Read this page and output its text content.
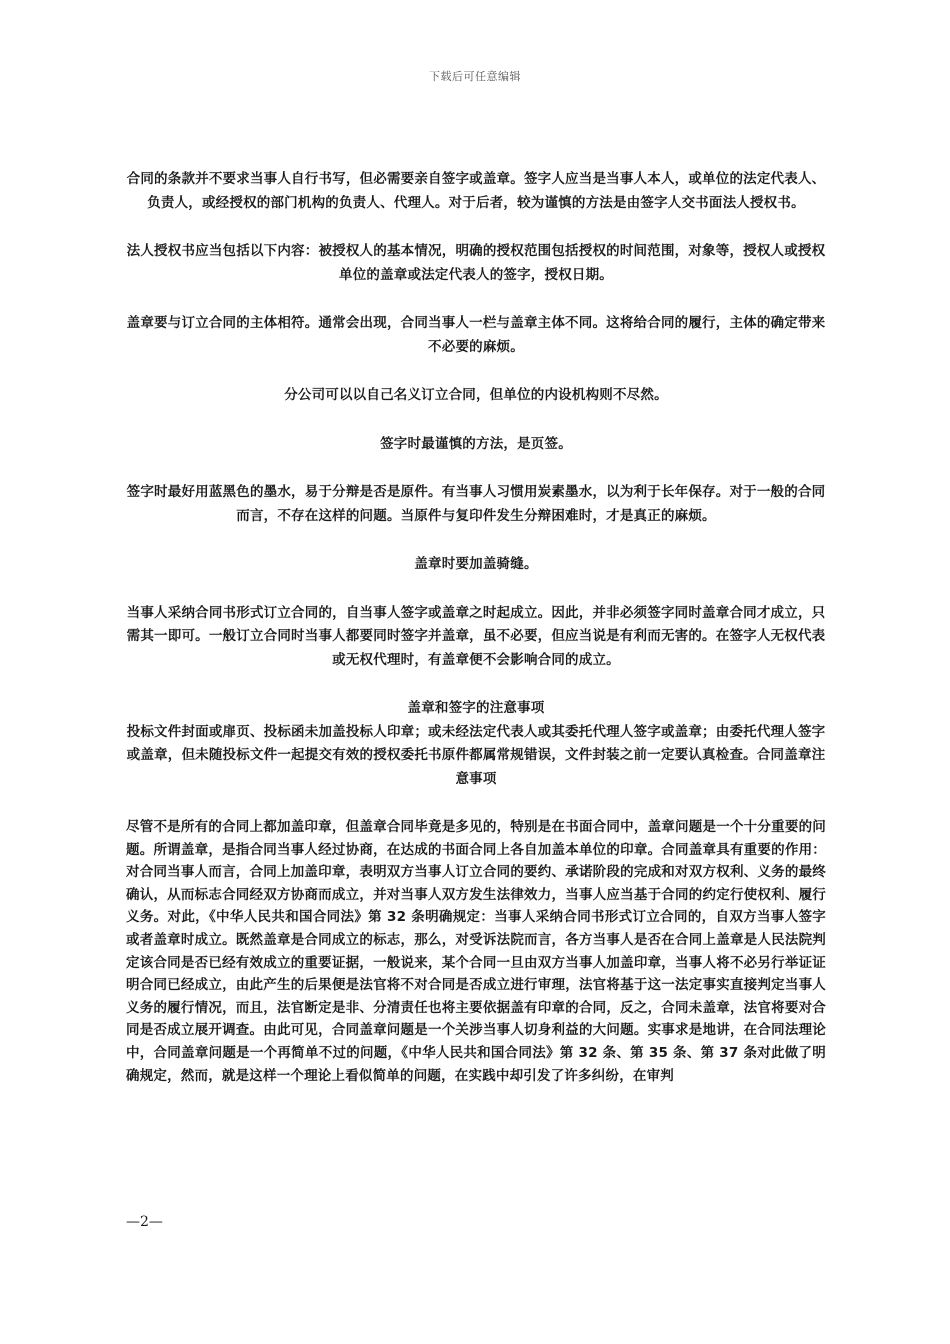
下载后可任意编辑

合同的条款并不要求当事人自行书写，但必需要亲自签字或盖章。签字人应当是当事人本人，或单位的法定代表人、负责人，或经授权的部门机构的负责人、代理人。对于后者，较为谨慎的方法是由签字人交书面法人授权书。

法人授权书应当包括以下内容：被授权人的基本情况，明确的授权范围包括授权的时间范围，对象等，授权人或授权单位的盖章或法定代表人的签字，授权日期。

盖章要与订立合同的主体相符。通常会出现，合同当事人一栏与盖章主体不同。这将给合同的履行，主体的确定带来不必要的麻烦。

分公司可以以自己名义订立合同，但单位的内设机构则不尽然。

签字时最谨慎的方法，是页签。

签字时最好用蓝黑色的墨水，易于分辩是否是原件。有当事人习惯用炭素墨水，以为利于长年保存。对于一般的合同而言，不存在这样的问题。当原件与复印件发生分辩困难时，才是真正的麻烦。

盖章时要加盖骑缝。

当事人采纳合同书形式订立合同的，自当事人签字或盖章之时起成立。因此，并非必须签字同时盖章合同才成立，只需其一即可。一般订立合同时当事人都要同时签字并盖章，虽不必要，但应当说是有利而无害的。在签字人无权代表或无权代理时，有盖章便不会影响合同的成立。

盖章和签字的注意事项

投标文件封面或扉页、投标函未加盖投标人印章；或未经法定代表人或其委托代理人签字或盖章；由委托代理人签字或盖章，但未随投标文件一起提交有效的授权委托书原件都属常规错误，文件封装之前一定要认真检查。合同盖章注意事项

尽管不是所有的合同上都加盖印章，但盖章合同毕竟是多见的，特别是在书面合同中，盖章问题是一个十分重要的问题。所谓盖章，是指合同当事人经过协商，在达成的书面合同上各自加盖本单位的印章。合同盖章具有重要的作用：对合同当事人而言，合同上加盖印章，表明双方当事人订立合同的要约、承诺阶段的完成和对双方权利、义务的最终确认，从而标志合同经双方协商而成立，并对当事人双方发生法律效力，当事人应当基于合同的约定行使权利、履行义务。对此，《中华人民共和国合同法》第 32 条明确规定：当事人采纳合同书形式订立合同的，自双方当事人签字或者盖章时成立。既然盖章是合同成立的标志，那么，对受诉法院而言，各方当事人是否在合同上盖章是人民法院判定该合同是否已经有效成立的重要证据，一般说来，某个合同一旦由双方当事人加盖印章，当事人将不必另行举证证明合同已经成立，由此产生的后果便是法官将不对合同是否成立进行审理，法官将基于这一法定事实直接判定当事人义务的履行情况，而且，法官断定是非、分清责任也将主要依据盖有印章的合同，反之，合同未盖章，法官将要对合同是否成立展开调查。由此可见，合同盖章问题是一个关涉当事人切身利益的大问题。实事求是地讲，在合同法理论中，合同盖章问题是一个再简单不过的问题，《中华人民共和国合同法》第 32 条、第 35 条、第 37 条对此做了明确规定，然而，就是这样一个理论上看似简单的问题，在实践中却引发了许多纠纷，在审判

—2—
